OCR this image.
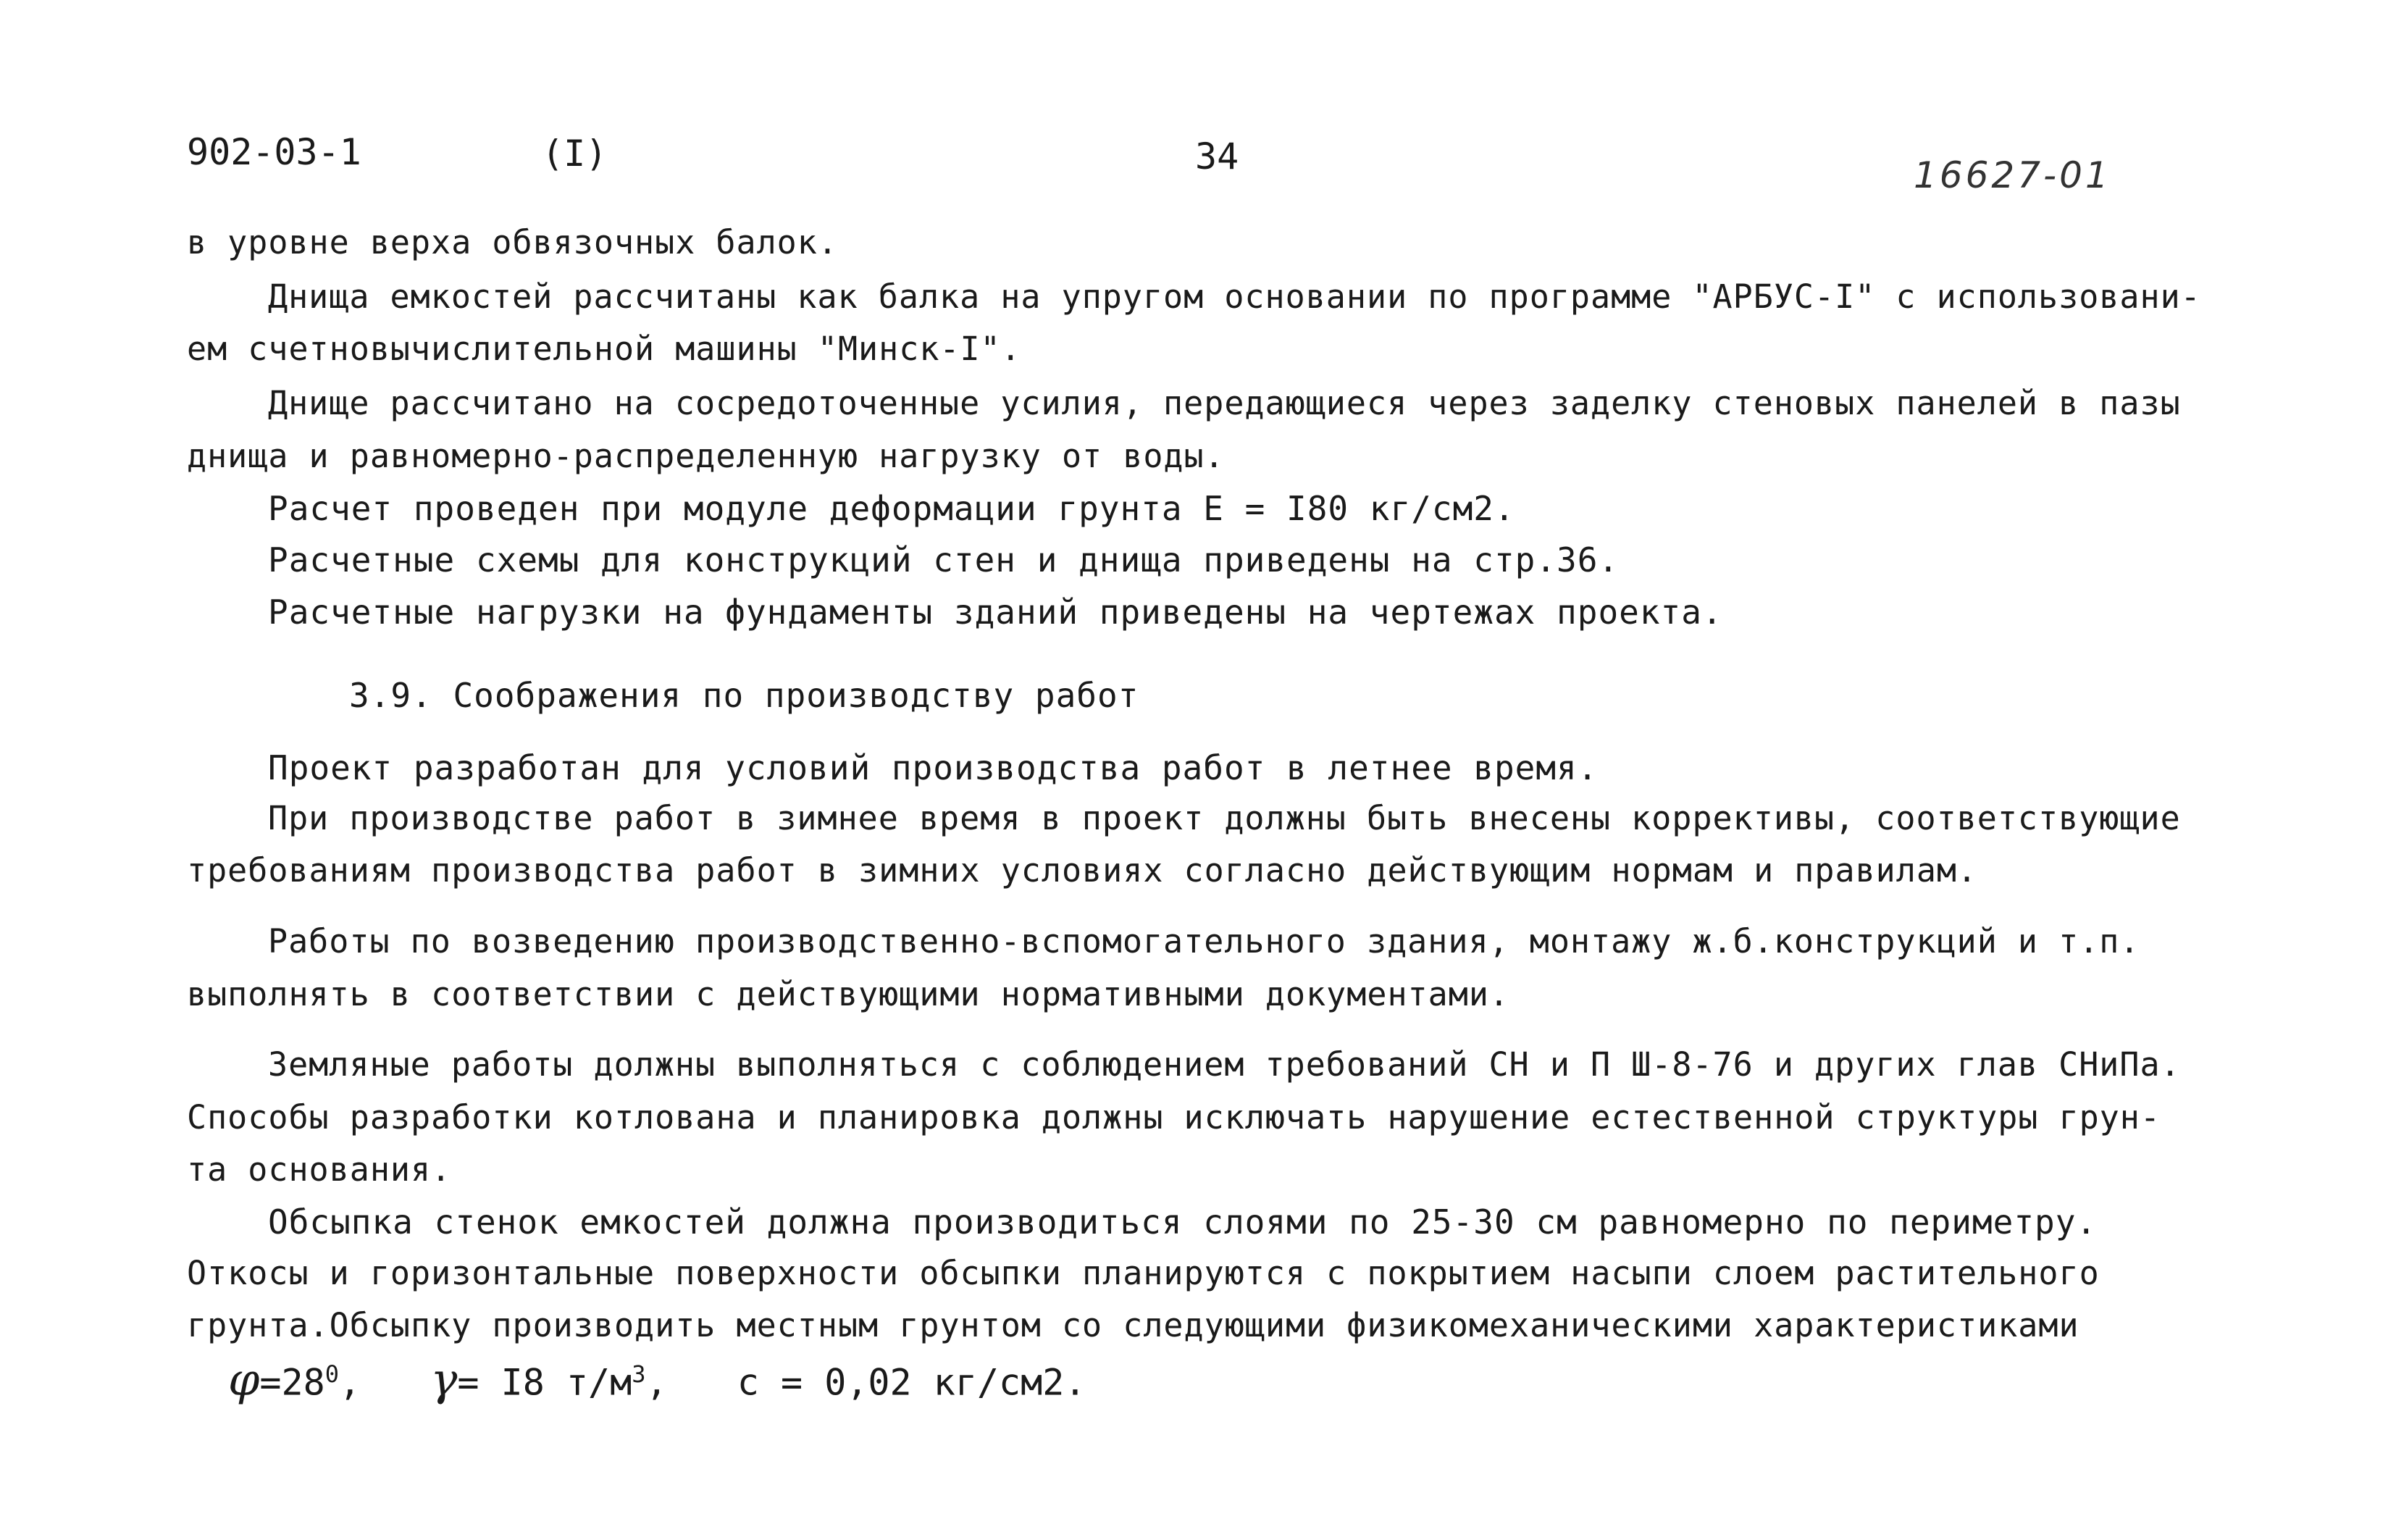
902-03-1	(I)	34	16627-01
в уровне верха обвязочных балок.
Днища емкостей рассчитаны как балка на упругом основании по программе "АРБУС-I" с использовани-
ем счетновычислительной машины "Минск-I".
Днище рассчитано на сосредоточенные усилия, передающиеся через заделку стеновых панелей в пазы
днища и равномерно-распределенную нагрузку от воды.
Расчет проведен при модуле деформации грунта Е = I80 кг/см2.
Расчетные схемы для конструкций стен и днища приведены на стр.36.
Расчетные нагрузки на фундаменты зданий приведены на чертежах проекта.
3.9. Соображения по производству работ
Проект разработан для условий производства работ в летнее время.
При производстве работ в зимнее время в проект должны быть внесены коррективы, соответствующие
требованиям производства работ в зимних условиях согласно действующим нормам и правилам.
Работы по возведению производственно-вспомогательного здания, монтажу ж.б.конструкций и т.п.
выполнять в соответствии с действующими нормативными документами.
Земляные работы должны выполняться с соблюдением требований СН и П Ш-8-76 и других глав СНиПа.
Способы разработки котлована и планировка должны исключать нарушение естественной структуры грун-
та основания.
Обсыпка стенок емкостей должна производиться слоями по 25-30 см равномерно по периметру.
Откосы и горизонтальные поверхности обсыпки планируются с покрытием насыпи слоем растительного
грунта.Обсыпку производить местным грунтом со следующими физикомеханическими характеристиками
$\varphi=28^0$, γ= I8 $т/м^3$, с = 0,02 кг/см2.
